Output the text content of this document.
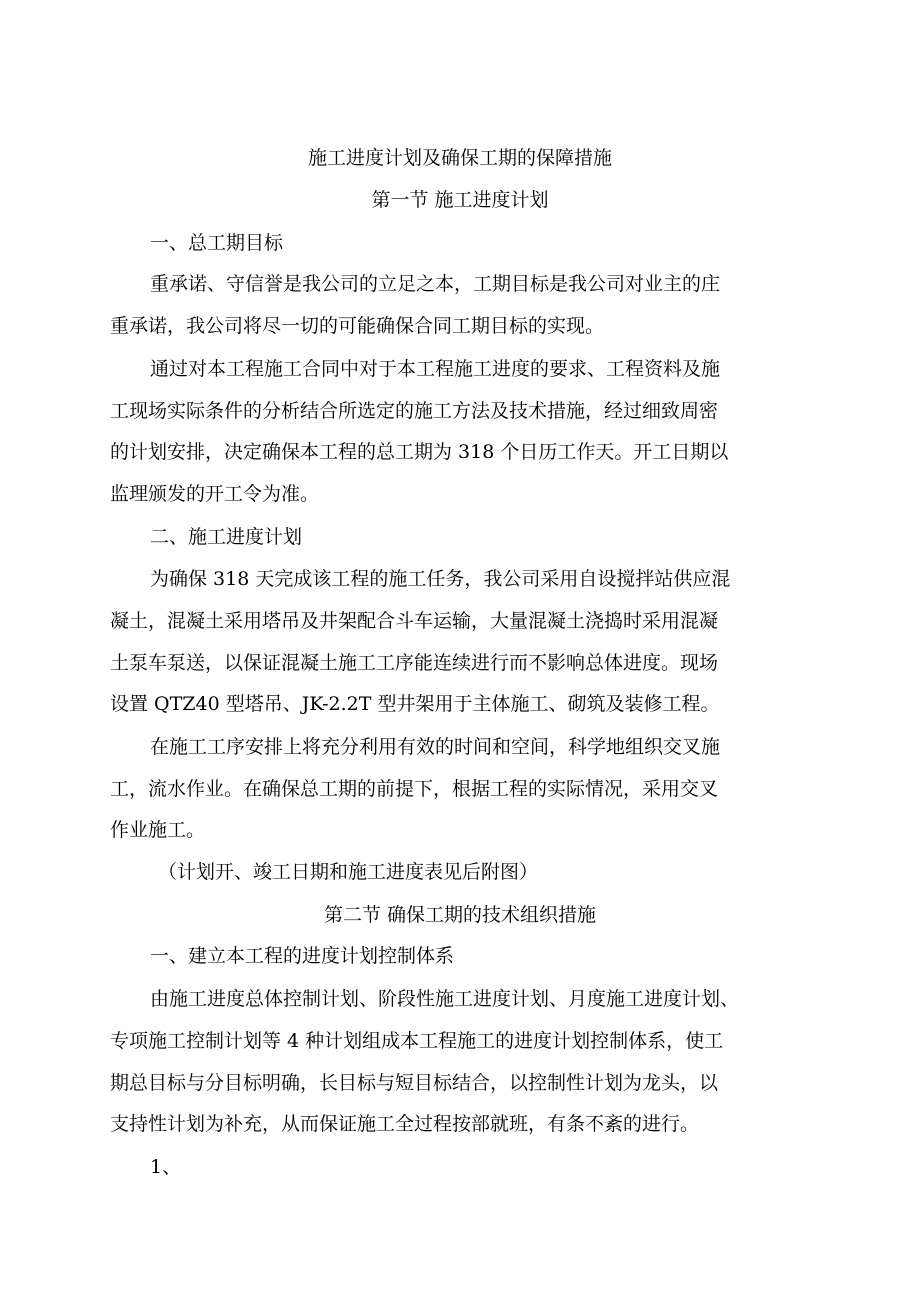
施工进度计划及确保工期的保障措施

第一节 施工进度计划

一、总工期目标

重承诺、守信誉是我公司的立足之本，工期目标是我公司对业主的庄

重承诺，我公司将尽一切的可能确保合同工期目标的实现。

通过对本工程施工合同中对于本工程施工进度的要求、工程资料及施

工现场实际条件的分析结合所选定的施工方法及技术措施，经过细致周密

的计划安排，决定确保本工程的总工期为 318 个日历工作天。开工日期以

监理颁发的开工令为准。

二、施工进度计划

为确保 318 天完成该工程的施工任务，我公司采用自设搅拌站供应混

凝土，混凝土采用塔吊及井架配合斗车运输，大量混凝土浇捣时采用混凝

土泵车泵送，以保证混凝土施工工序能连续进行而不影响总体进度。现场

设置 QTZ40 型塔吊、JK-2.2T 型井架用于主体施工、砌筑及装修工程。

在施工工序安排上将充分利用有效的时间和空间，科学地组织交叉施

工，流水作业。在确保总工期的前提下，根据工程的实际情况，采用交叉

作业施工。

（计划开、竣工日期和施工进度表见后附图）

第二节 确保工期的技术组织措施

一、建立本工程的进度计划控制体系

由施工进度总体控制计划、阶段性施工进度计划、月度施工进度计划、

专项施工控制计划等 4 种计划组成本工程施工的进度计划控制体系，使工

期总目标与分目标明确，长目标与短目标结合，以控制性计划为龙头，以

支持性计划为补充，从而保证施工全过程按部就班，有条不紊的进行。

1、
